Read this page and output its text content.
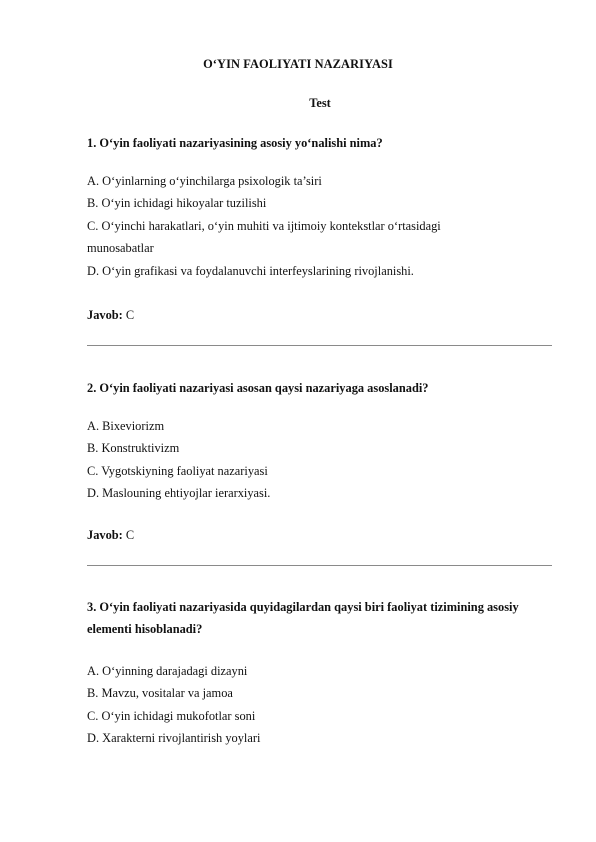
O‘YIN FAOLIYATI NAZARIYASI
Test
1. O‘yin faoliyati nazariyasining asosiy yo‘nalishi nima?
A. O‘yinlarning o‘yinchilarga psixologik ta’siri
B. O‘yin ichidagi hikoyalar tuzilishi
C. O‘yinchi harakatlari, o‘yin muhiti va ijtimoiy kontekstlar o‘rtasidagi munosabatlar
D. O‘yin grafikasi va foydalanuvchi interfeyslarining rivojlanishi.
Javob: C
2. O‘yin faoliyati nazariyasi asosan qaysi nazariyaga asoslanadi?
A. Bixeviorizm
B. Konstruktivizm
C. Vygotskiyning faoliyat nazariyasi
D. Maslouning ehtiyojlar ierarxiyasi.
Javob: C
3. O‘yin faoliyati nazariyasida quyidagilardan qaysi biri faoliyat tizimining asosiy elementi hisoblanadi?
A. O‘yinning darajadagi dizayni
B. Mavzu, vositalar va jamoa
C. O‘yin ichidagi mukofotlar soni
D. Xarakterni rivojlantirish yoylari
